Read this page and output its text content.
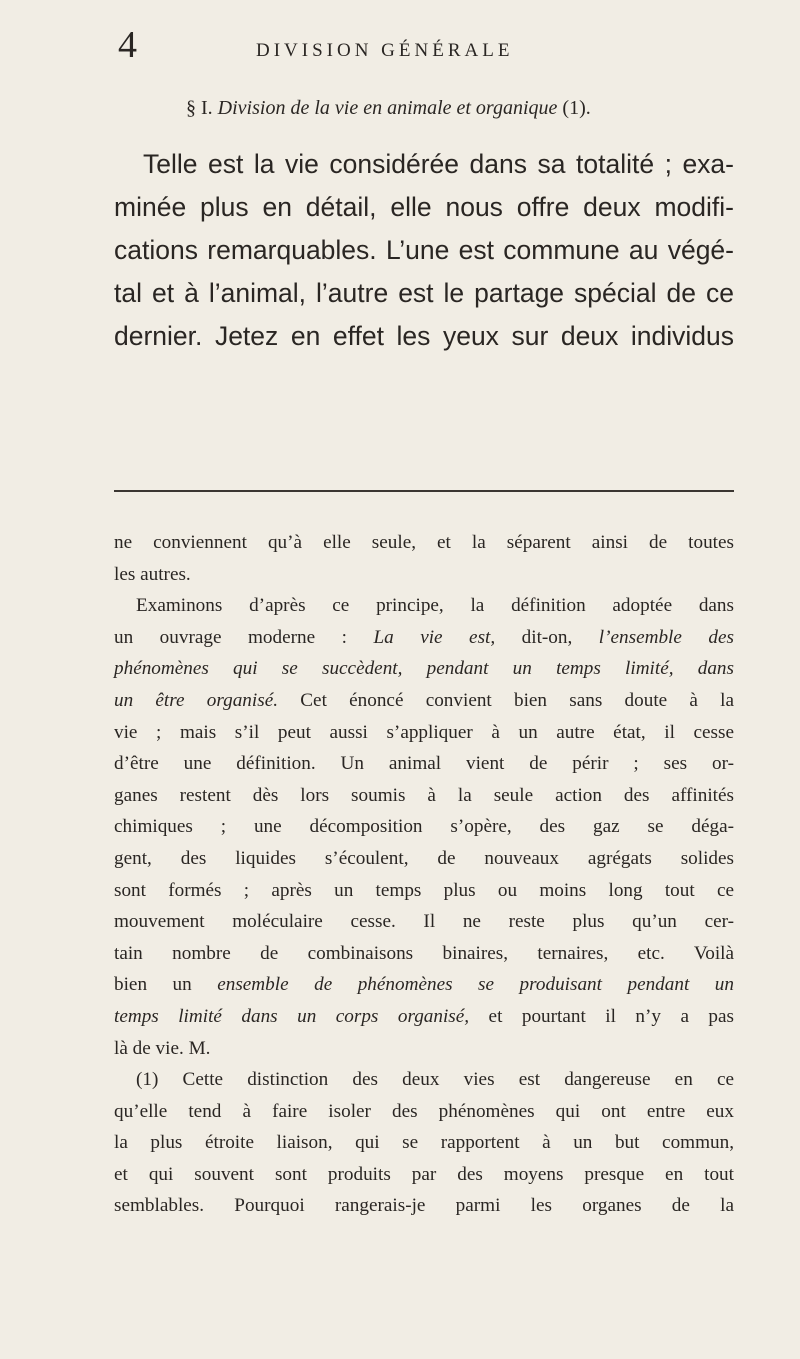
4	DIVISION GÉNÉRALE
§ I. Division de la vie en animale et organique (1).
Telle est la vie considérée dans sa totalité ; exa-
minée plus en détail, elle nous offre deux modifi-
cations remarquables. L’une est commune au végé-
tal et à l’animal, l’autre est le partage spécial de ce
dernier. Jetez en effet les yeux sur deux individus
ne conviennent qu’à elle seule, et la séparent ainsi de toutes
les autres.
Examinons d’après ce principe, la définition adoptée dans
un ouvrage moderne : La vie est, dit-on, l’ensemble des
phénomènes qui se succèdent, pendant un temps limité, dans
un être organisé. Cet énoncé convient bien sans doute à la
vie ; mais s’il peut aussi s’appliquer à un autre état, il cesse
d’être une définition. Un animal vient de périr ; ses or-
ganes restent dès lors soumis à la seule action des affinités
chimiques ; une décomposition s’opère, des gaz se déga-
gent, des liquides s’écoulent, de nouveaux agrégats solides
sont formés ; après un temps plus ou moins long tout ce
mouvement moléculaire cesse. Il ne reste plus qu’un cer-
tain nombre de combinaisons binaires, ternaires, etc. Voilà
bien un ensemble de phénomènes se produisant pendant un
temps limité dans un corps organisé, et pourtant il n’y a pas
là de vie. M.
(1) Cette distinction des deux vies est dangereuse en ce
qu’elle tend à faire isoler des phénomènes qui ont entre eux
la plus étroite liaison, qui se rapportent à un but commun,
et qui souvent sont produits par des moyens presque en tout
semblables. Pourquoi rangerais-je parmi les organes de la
